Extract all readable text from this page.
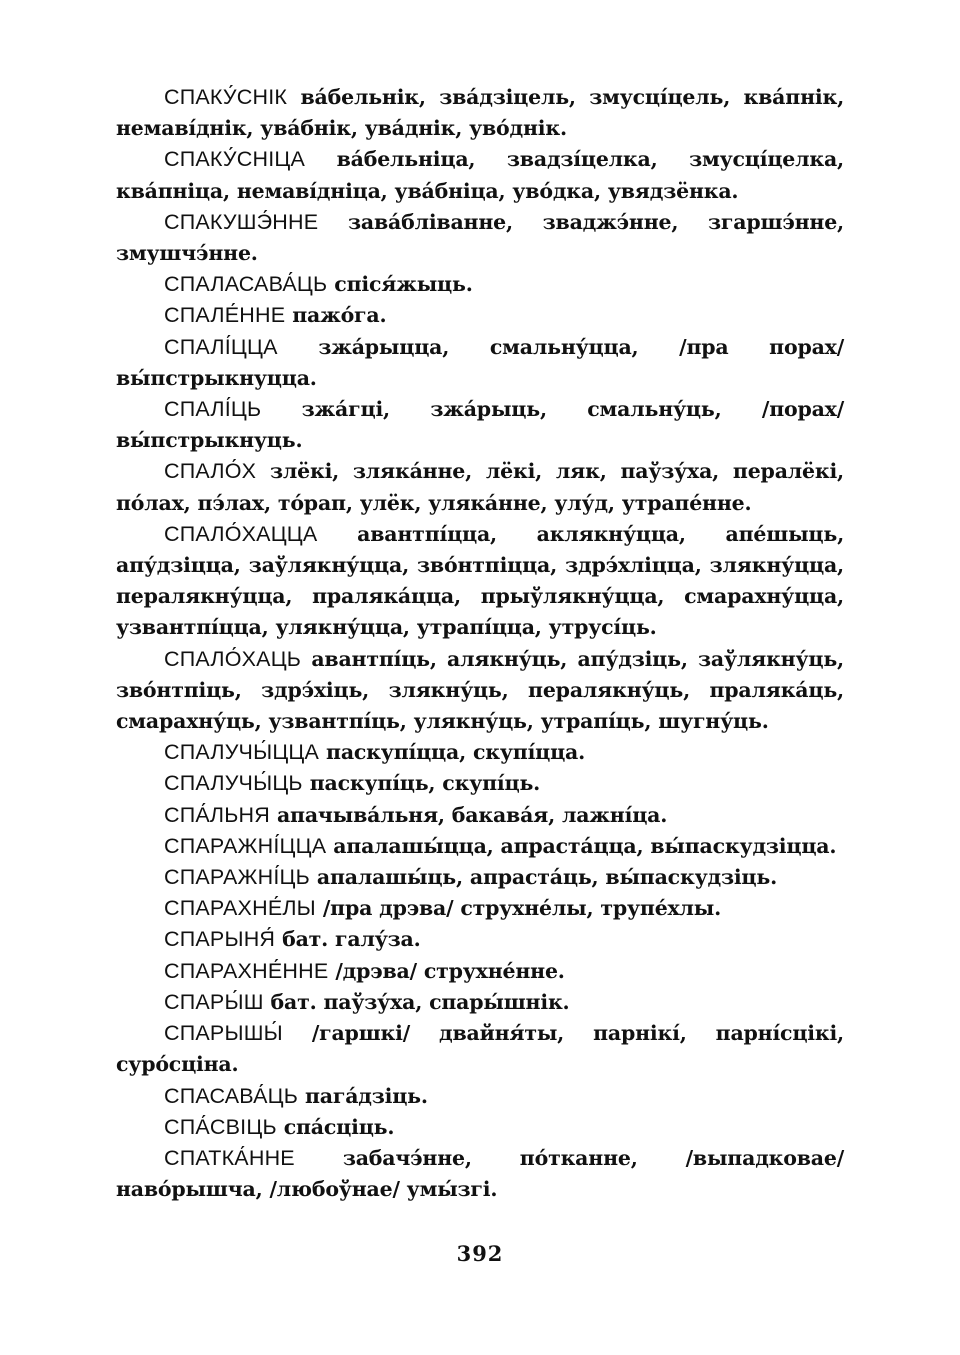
СПАКУ́СНІК ва́бельнік, зва́дзіцель, змусці́цель, ква́пнік, немаві́днік, ува́бнік, ува́днік, уво́днік.

СПАКУ́СНІЦА ва́бельніца, звадзі́целка, змусці́целка, ква́пніца, немаві́дніца, ува́бніца, уво́дка, увядзёнка.

СПАКУШЭ́ННЕ зава́бліванне, зваджэ́нне, згаршэ́нне, змушчэ́нне.

СПАЛАСАВА́ЦЬ спіся́жыць.

СПАЛЕ́ННЕ пажо́га.

СПАЛІ́ЦЦА зжа́рыцца, смальну́цца, /пра порах/ вы́пстрыкнуцца.

СПАЛІ́ЦЬ зжа́гці, зжа́рыць, смальну́ць, /порах/ вы́пстрыкнуць.

СПАЛО́Х злёкі, зляка́нне, лёкі, ляк, паўзу́ха, пералёкі, по́лах, пэ́лах, то́рап, улёк, уляка́нне, улу́д, утрапе́нне.

СПАЛО́ХАЦЦА авантпі́цца, аклякну́цца, апе́шыць, апу́дзіцца, заўлякну́цца, зво́нтпіцца, здрэ́хліцца, злякну́цца, пералякну́цца, праляка́цца, прыўлякну́цца, смарахну́цца, узвантпі́цца, улякну́цца, утрапі́цца, утрусі́ць.

СПАЛО́ХАЦЬ авантпі́ць, алякну́ць, апу́дзіць, заўлякну́ць, зво́нтпіць, здрэ́хіць, злякну́ць, пералякну́ць, праляка́ць, смарахну́ць, узвантпі́ць, улякну́ць, утрапі́ць, шугну́ць.

СПАЛУЧЫ́ЦЦА паскупі́цца, скупі́цца.

СПАЛУЧЫ́ЦЬ паскупі́ць, скупі́ць.

СПА́ЛЬНЯ апачыва́льня, бакава́я, лажні́ца.

СПАРАЖНІ́ЦЦА апалашы́цца, апраста́цца, вы́паскудзіцца.

СПАРАЖНІ́ЦЬ апалашы́ць, апраста́ць, вы́паскудзіць.

СПАРАХНЕ́ЛЫ /пра дрэва/ струхне́лы, трупе́хлы.

СПАРЫНЯ́ бат. галу́за.

СПАРАХНЕ́ННЕ /дрэва/ струхне́нне.

СПАРЫ́Ш бат. паўзу́ха, спары́шнік.

СПАРЫШЫ́ /гаршкі/ двайня́ты, парнікі́, парні́сцікі, суро́сціна.

СПАСАВА́ЦЬ пага́дзіць.

СПА́СВІЦЬ спа́сціць.

СПАТКА́ННЕ забачэ́нне, по́тканне, /выпадковае/ наво́рышча, /любоўнае/ умы́згі.

392
